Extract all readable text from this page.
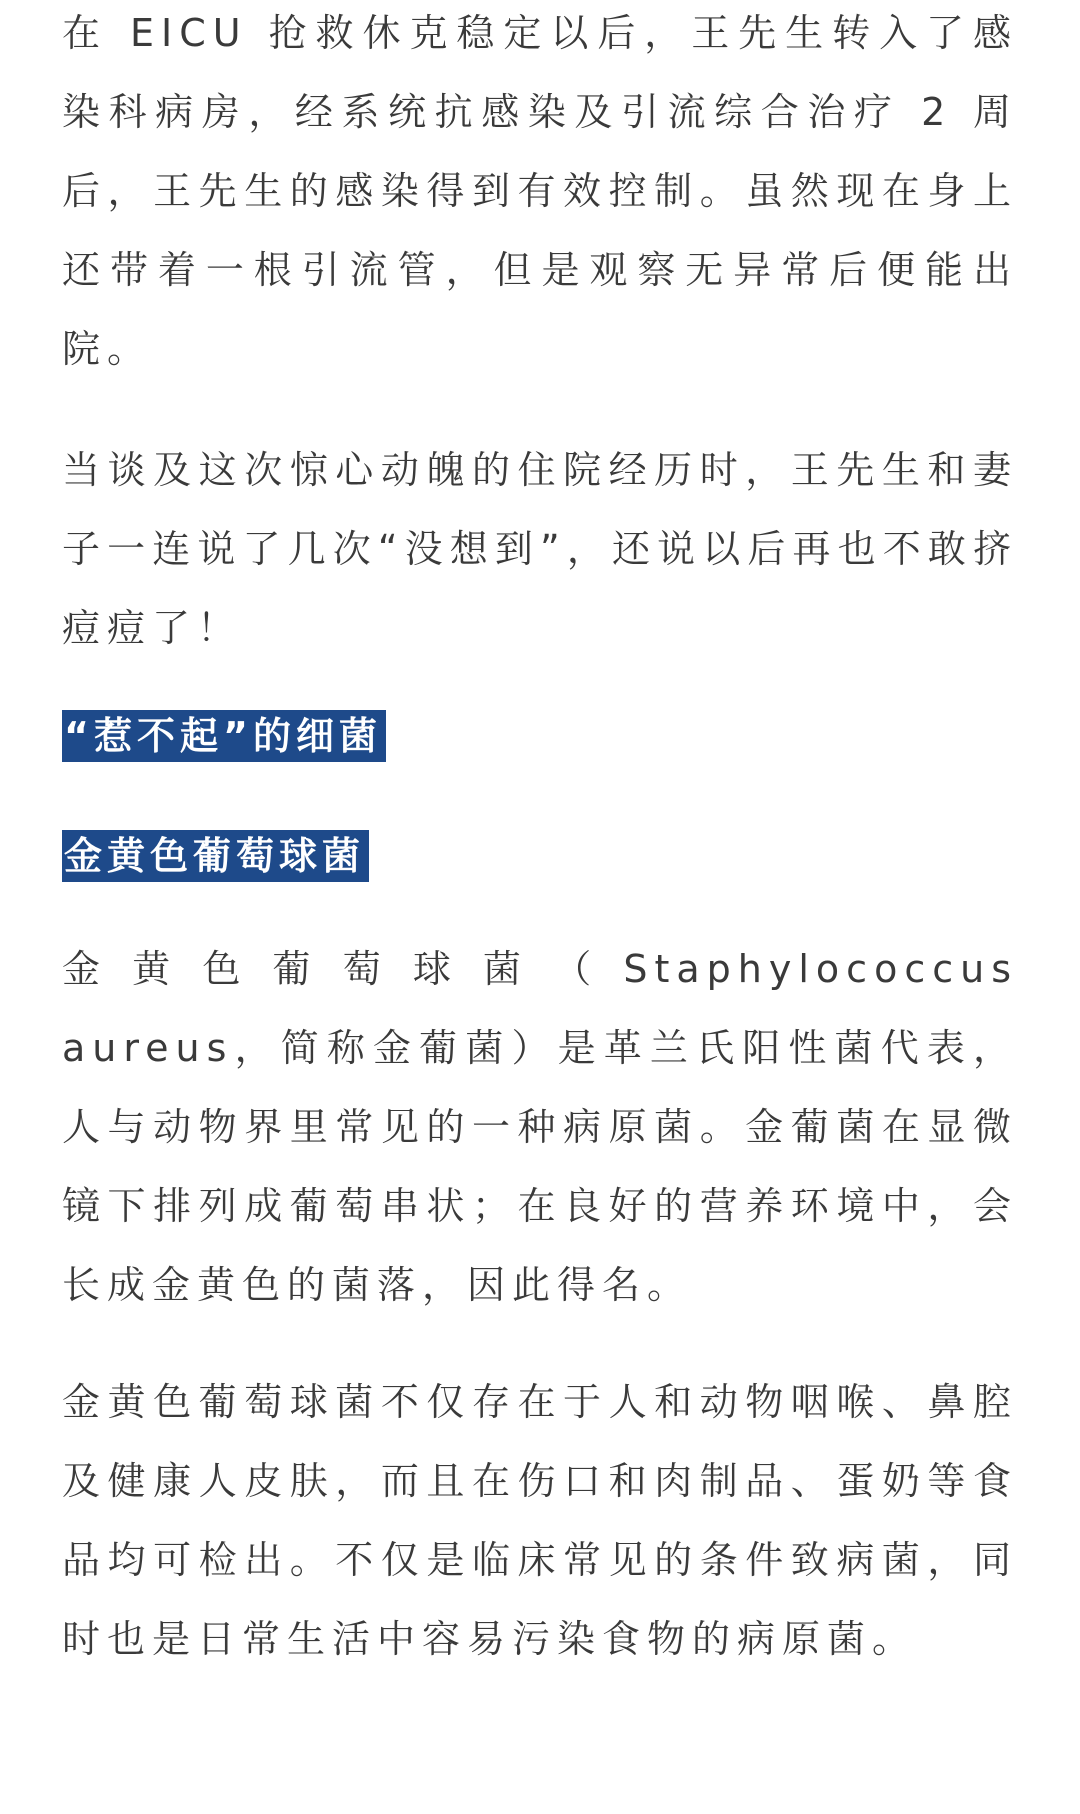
在 EICU 抢救休克稳定以后，王先生转入了感染科病房，经系统抗感染及引流综合治疗 2 周后，王先生的感染得到有效控制。虽然现在身上还带着一根引流管，但是观察无异常后便能出院。

当谈及这次惊心动魄的住院经历时，王先生和妻子一连说了几次“没想到”，还说以后再也不敢挤痘痘了！

“惹不起”的细菌
金黄色葡萄球菌

金黄色葡萄球菌（Staphylococcus aureus，简称金葡菌）是革兰氏阳性菌代表，人与动物界里常见的一种病原菌。金葡菌在显微镜下排列成葡萄串状；在良好的营养环境中，会长成金黄色的菌落，因此得名。

金黄色葡萄球菌不仅存在于人和动物咽喉、鼻腔及健康人皮肤，而且在伤口和肉制品、蛋奶等食品均可检出。不仅是临床常见的条件致病菌，同时也是日常生活中容易污染食物的病原菌。
